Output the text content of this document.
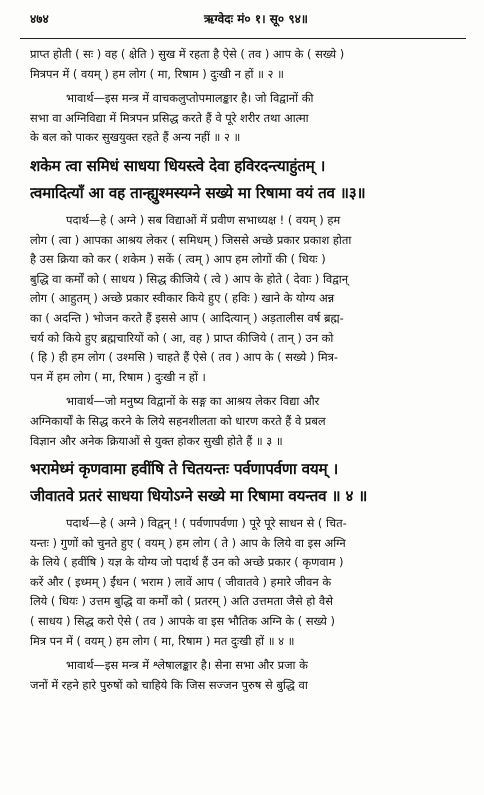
४७४	ऋग्वेदः मं० १। सू० ९४॥
प्राप्त होती ( सः ) वह ( क्षेति ) सुख में रहता है ऐसे ( तव ) आप के ( सख्ये )
मित्रपन में ( वयम् ) हम लोग ( मा, रिषाम ) दुःखी न हों ॥ २ ॥
भावार्थ—इस मन्त्र में वाचकलुप्तोपमालङ्कार है। जो विद्वानों की
सभा वा अग्निविद्या में मित्रपन प्रसिद्ध करते हैं वे पूरे शरीर तथा आत्मा
के बल को पाकर सुखयुक्त रहते हैं अन्य नहीं ॥ २ ॥
शकेम त्वा समिधं साधया धियस्त्वे देवा हविरदन्त्याहुंतम् ।
त्वमादित्याँ आ वह तान्ह्युश्मस्यग्ने सख्ये मा रिषामा वयं तव ॥३॥
पदार्थ—हे ( अग्ने ) सब विद्याओं में प्रवीण सभाध्यक्ष ! ( वयम् ) हम
लोग ( त्वा ) आपका आश्रय लेकर ( समिधम् ) जिससे अच्छे प्रकार प्रकाश होता
है उस क्रिया को कर ( शकेम ) सकें ( त्वम् ) आप हम लोगों की ( धियः )
बुद्धि वा कर्मों को ( साधय ) सिद्ध कीजिये ( त्वे ) आप के होते ( देवाः ) विद्वान्
लोग ( आहुतम् ) अच्छे प्रकार स्वीकार किये हुए ( हविः ) खाने के योग्य अन्न
का ( अदन्ति ) भोजन करते हैं इससे आप ( आदित्यान् ) अड़तालीस वर्ष ब्रह्म-
चर्य को किये हुए ब्रह्मचारियों को ( आ, वह ) प्राप्त कीजिये ( तान् ) उन को
( हि ) ही हम लोग ( उश्मसि ) चाहते हैं ऐसे ( तव ) आप के ( सख्ये ) मित्र-
पन में हम लोग ( मा, रिषाम ) दुःखी न हों ।
भावार्थ—जो मनुष्य विद्वानों के सङ्ग का आश्रय लेकर विद्या और
अग्निकार्यों के सिद्ध करने के लिये सहनशीलता को धारण करते हैं वे प्रबल
विज्ञान और अनेक क्रियाओं से युक्त होकर सुखी होते हैं ॥ ३ ॥
भरामेध्मं कृणवामा हवींषि ते चितयन्तः पर्वणापर्वणा वयम् ।
जीवातवे प्रतरं साधया धियोऽग्ने सख्ये मा रिषामा वयन्तव ॥ ४ ॥
पदार्थ—हे ( अग्ने ) विद्वन् ! ( पर्वणापर्वणा ) पूरे पूरे साधन से ( चित-
यन्तः ) गुणों को चुनते हुए ( वयम् ) हम लोग ( ते ) आप के लिये वा इस अग्नि
के लिये ( हवींषि ) यज्ञ के योग्य जो पदार्थ हैं उन को अच्छे प्रकार ( कृणवाम )
करें और ( इध्मम् ) ईंधन ( भराम ) लावें आप ( जीवातवे ) हमारे जीवन के
लिये ( धियः ) उत्तम बुद्धि वा कर्मों को ( प्रतरम् ) अति उत्तमता जैसे हो वैसे
( साधय ) सिद्ध करो ऐसे ( तव ) आपके वा इस भौतिक अग्नि के ( सख्ये )
मित्र पन में ( वयम् ) हम लोग ( मा, रिषाम ) मत दुःखी हों ॥ ४ ॥
भावार्थ—इस मन्त्र में श्लेषालङ्कार है। सेना सभा और प्रजा के
जनों में रहने हारे पुरुषों को चाहिये कि जिस सज्जन पुरुष से बुद्धि वा
